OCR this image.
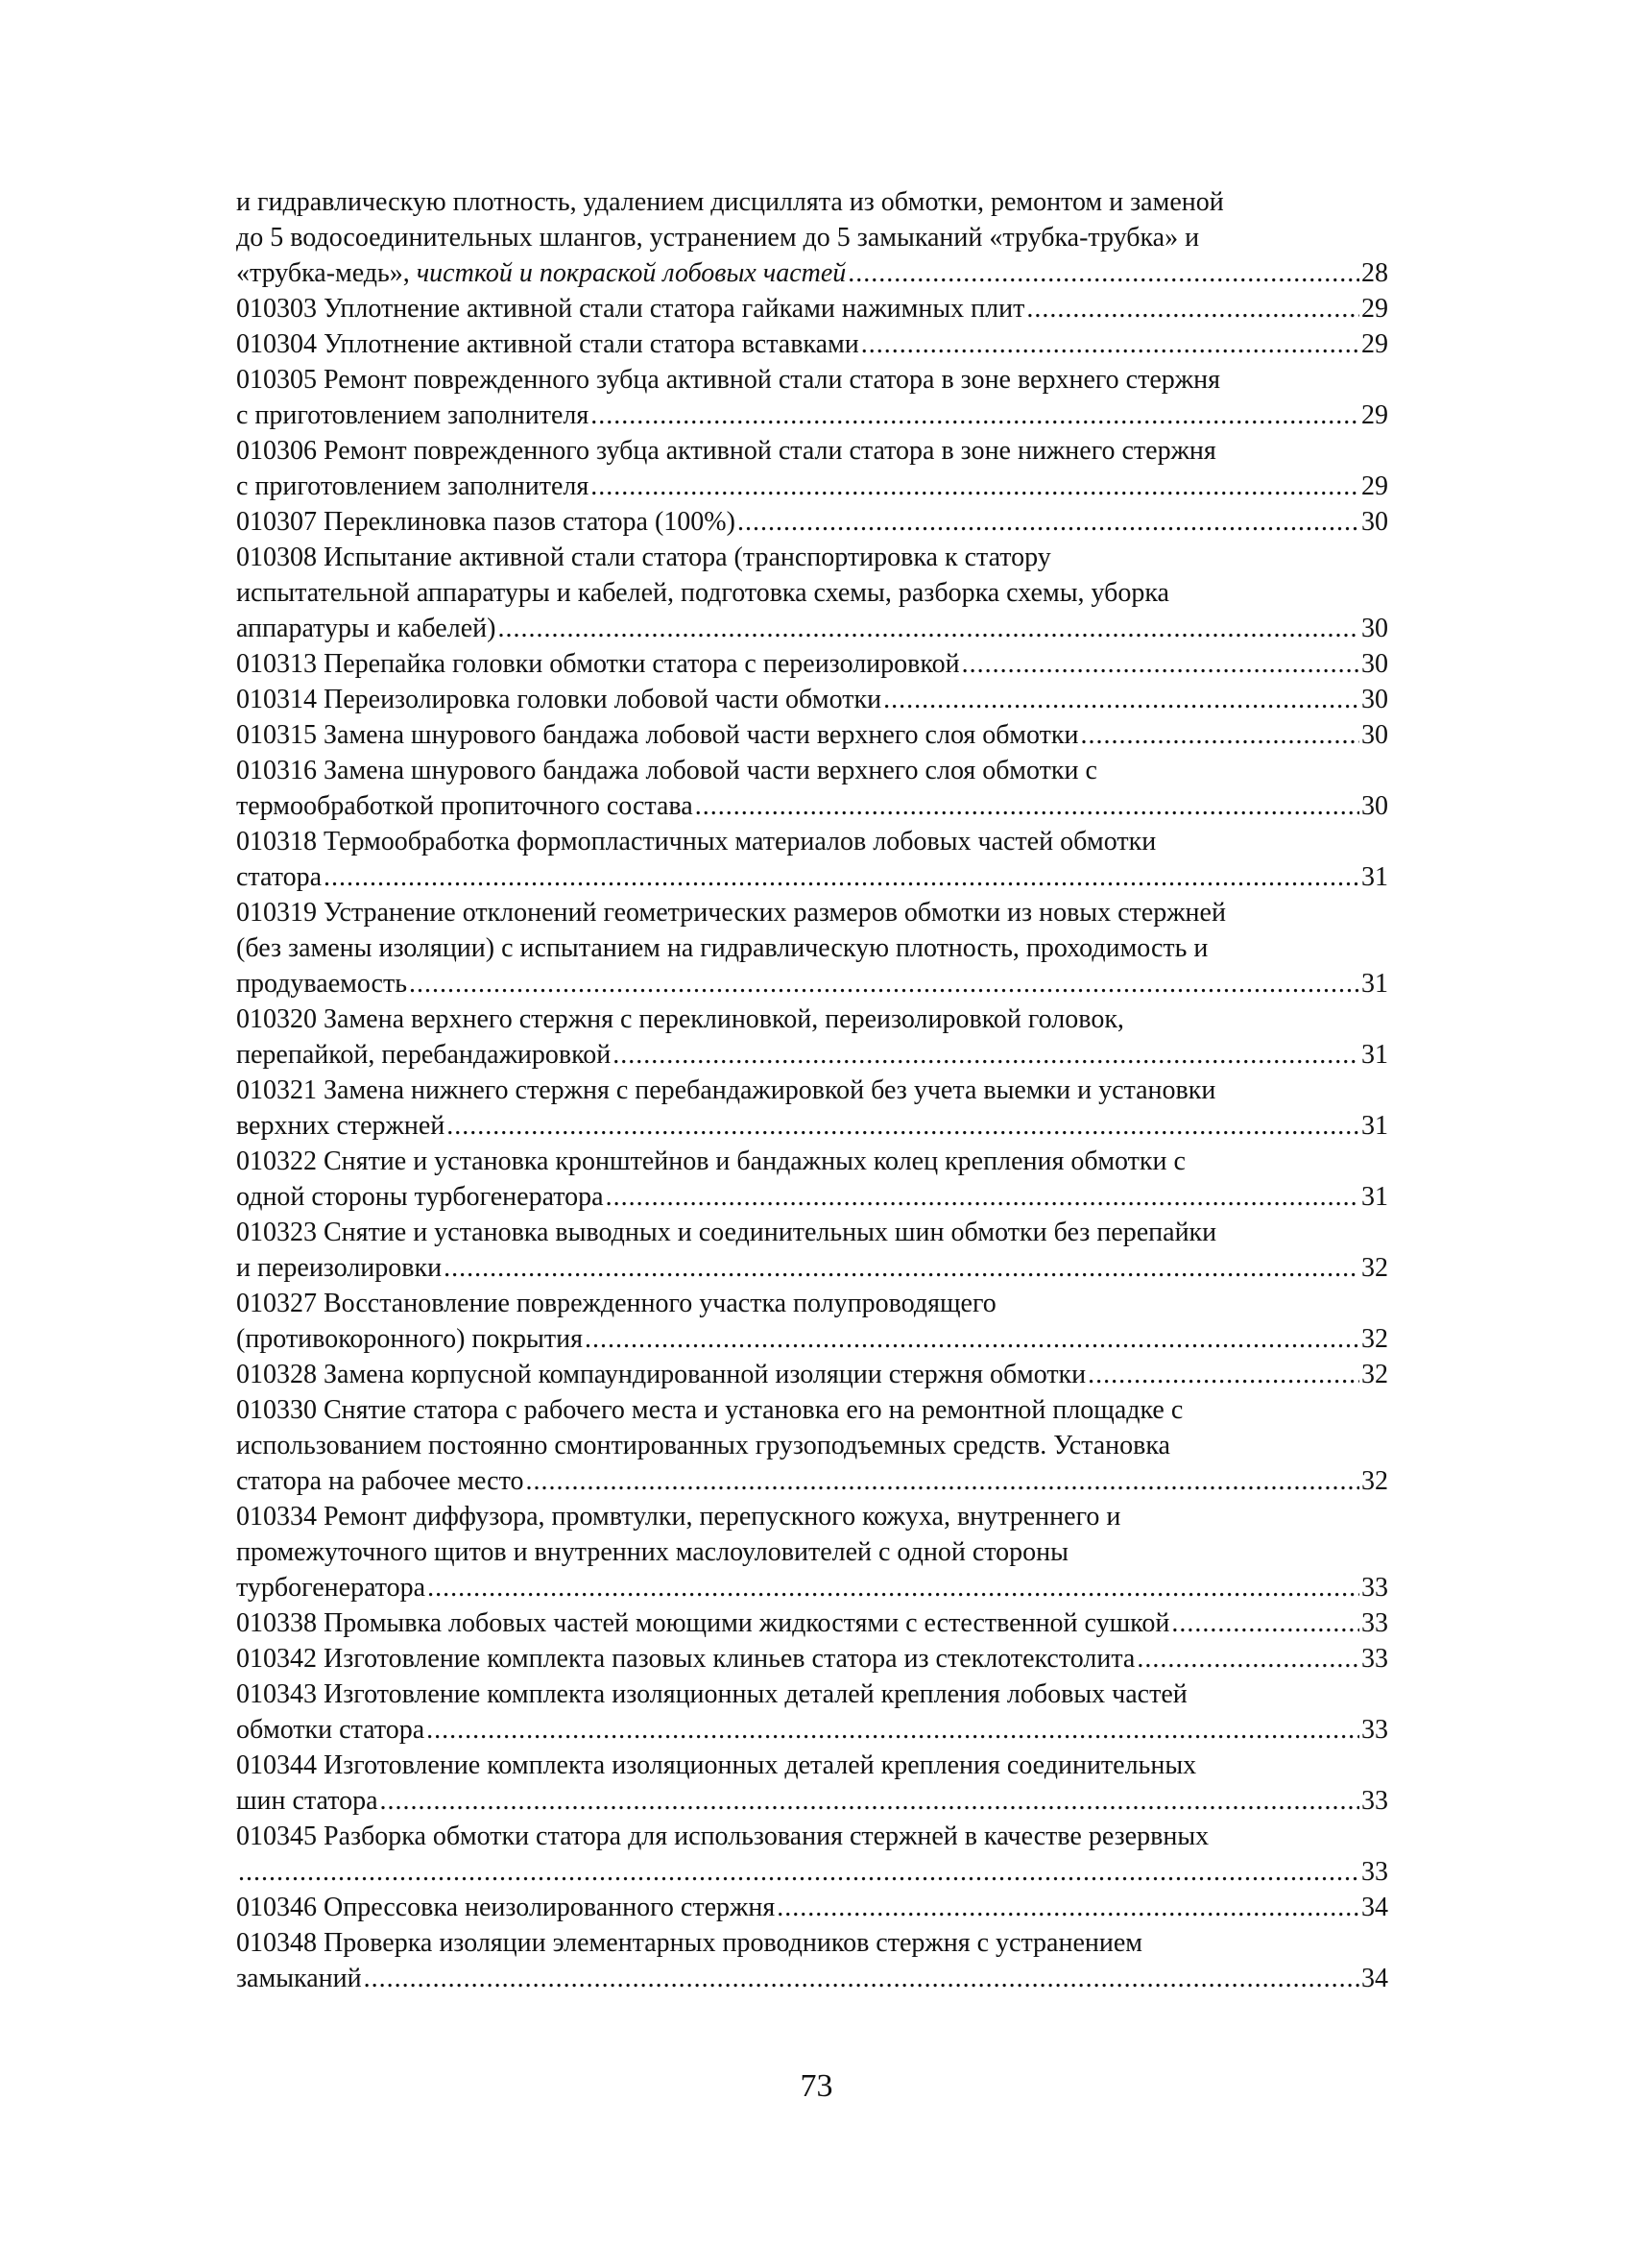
и гидравлическую плотность, удалением дисциллята из обмотки, ремонтом и заменой
до 5 водосоединительных шлангов, устранением до 5 замыканий «трубка-трубка» и
«трубка-медь», чисткой и покраской лобовых частей . . .	28
010303 Уплотнение активной стали статора гайками нажимных плит . . .	29
010304 Уплотнение активной стали статора вставками . . .	29
010305 Ремонт поврежденного зубца активной стали статора в зоне верхнего стержня
с приготовлением заполнителя . . .	29
010306 Ремонт поврежденного зубца активной стали статора в зоне нижнего стержня
с приготовлением заполнителя . . .	29
010307 Переклиновка пазов статора (100%) . . .	30
010308 Испытание активной стали статора (транспортировка к статору
испытательной аппаратуры и кабелей, подготовка схемы, разборка схемы, уборка
аппаратуры и кабелей) . . .	30
010313 Перепайка головки обмотки статора с переизолировкой . . .	30
010314 Переизолировка головки лобовой части обмотки . . .	30
010315 Замена шнурового бандажа лобовой части верхнего слоя обмотки . . .	30
010316 Замена шнурового бандажа лобовой части верхнего слоя обмотки с
термообработкой пропиточного состава . . .	30
010318 Термообработка формопластичных материалов лобовых частей обмотки
статора . . .	31
010319 Устранение отклонений геометрических размеров обмотки из новых стержней
(без замены изоляции) с испытанием на гидравлическую плотность, проходимость и
продуваемость . . .	31
010320 Замена верхнего стержня с переклиновкой, переизолировкой головок,
перепайкой, перебандажировкой . . .	31
010321 Замена нижнего стержня с перебандажировкой без учета выемки и установки
верхних стержней . . .	31
010322 Снятие и установка кронштейнов и бандажных колец крепления обмотки с
одной стороны турбогенератора . . .	31
010323 Снятие и установка выводных и соединительных шин обмотки без перепайки
и переизолировки . . .	32
010327 Восстановление поврежденного участка полупроводящего
(противокоронного) покрытия . . .	32
010328 Замена корпусной компаундированной изоляции стержня обмотки . . .	32
010330 Снятие статора с рабочего места и установка его на ремонтной площадке с
использованием постоянно смонтированных грузоподъемных средств. Установка
статора на рабочее место . . .	32
010334 Ремонт диффузора, промвтулки, перепускного кожуха, внутреннего и
промежуточного щитов и внутренних маслоуловителей с одной стороны
турбогенератора . . .	33
010338 Промывка лобовых частей моющими жидкостями с естественной сушкой . . .	33
010342 Изготовление комплекта пазовых клиньев статора из стеклотекстолита . . .	33
010343 Изготовление комплекта изоляционных деталей крепления лобовых частей
обмотки статора . . .	33
010344 Изготовление комплекта изоляционных деталей крепления соединительных
шин статора . . .	33
010345 Разборка обмотки статора для использования стержней в качестве резервных
. . .
33
010346 Опрессовка неизолированного стержня . . .	34
010348 Проверка изоляции элементарных проводников стержня с устранением
замыканий . . .	34
73
